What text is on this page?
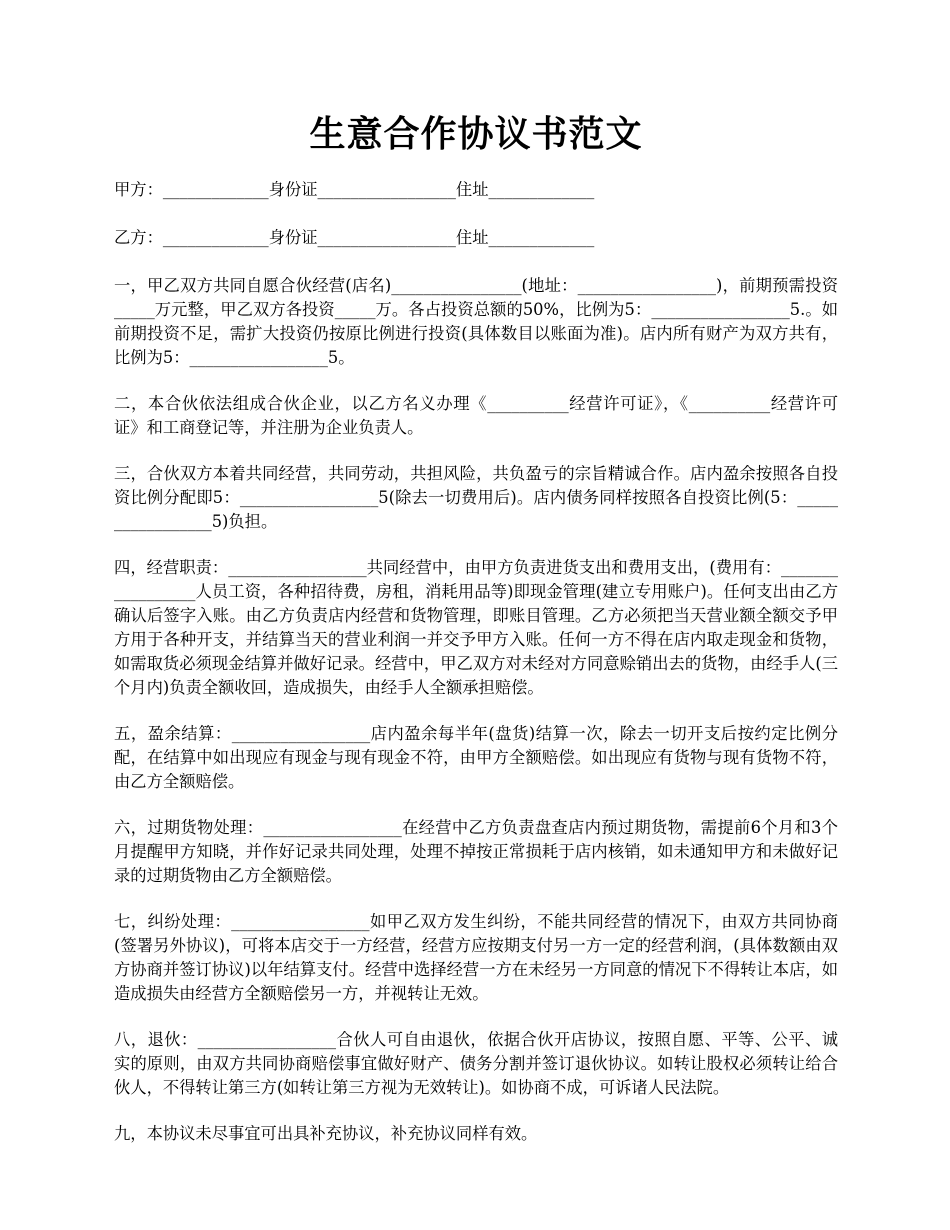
生意合作协议书范文

甲方：_____________身份证_________________住址_____________

乙方：_____________身份证_________________住址_____________

一，甲乙双方共同自愿合伙经营(店名)________________(地址：_________________)，前期预需投资_____万元整，甲乙双方各投资_____万。各占投资总额的50%，比例为5：_________________5.。如前期投资不足，需扩大投资仍按原比例进行投资(具体数目以账面为准)。店内所有财产为双方共有，比例为5：_________________5。

二，本合伙依法组成合伙企业，以乙方名义办理《__________经营许可证》，《__________经营许可证》和工商登记等，并注册为企业负责人。

三，合伙双方本着共同经营，共同劳动，共担风险，共负盈亏的宗旨精诚合作。店内盈余按照各自投资比例分配即5：_________________5(除去一切费用后)。店内债务同样按照各自投资比例(5：_________________5)负担。

四，经营职责：_________________共同经营中，由甲方负责进货支出和费用支出，(费用有：_________________人员工资，各种招待费，房租，消耗用品等)即现金管理(建立专用账户)。任何支出由乙方确认后签字入账。由乙方负责店内经营和货物管理，即账目管理。乙方必须把当天营业额全额交予甲方用于各种开支，并结算当天的营业利润一并交予甲方入账。任何一方不得在店内取走现金和货物，如需取货必须现金结算并做好记录。经营中，甲乙双方对未经对方同意赊销出去的货物，由经手人(三个月内)负责全额收回，造成损失，由经手人全额承担赔偿。

五，盈余结算：_________________店内盈余每半年(盘货)结算一次，除去一切开支后按约定比例分配，在结算中如出现应有现金与现有现金不符，由甲方全额赔偿。如出现应有货物与现有货物不符，由乙方全额赔偿。

六，过期货物处理：_________________在经营中乙方负责盘查店内预过期货物，需提前6个月和3个月提醒甲方知晓，并作好记录共同处理，处理不掉按正常损耗于店内核销，如未通知甲方和未做好记录的过期货物由乙方全额赔偿。

七，纠纷处理：_________________如甲乙双方发生纠纷，不能共同经营的情况下，由双方共同协商(签署另外协议)，可将本店交于一方经营，经营方应按期支付另一方一定的经营利润，(具体数额由双方协商并签订协议)以年结算支付。经营中选择经营一方在未经另一方同意的情况下不得转让本店，如造成损失由经营方全额赔偿另一方，并视转让无效。

八，退伙：_________________合伙人可自由退伙，依据合伙开店协议，按照自愿、平等、公平、诚实的原则，由双方共同协商赔偿事宜做好财产、债务分割并签订退伙协议。如转让股权必须转让给合伙人，不得转让第三方(如转让第三方视为无效转让)。如协商不成，可诉诸人民法院。

九，本协议未尽事宜可出具补充协议，补充协议同样有效。
